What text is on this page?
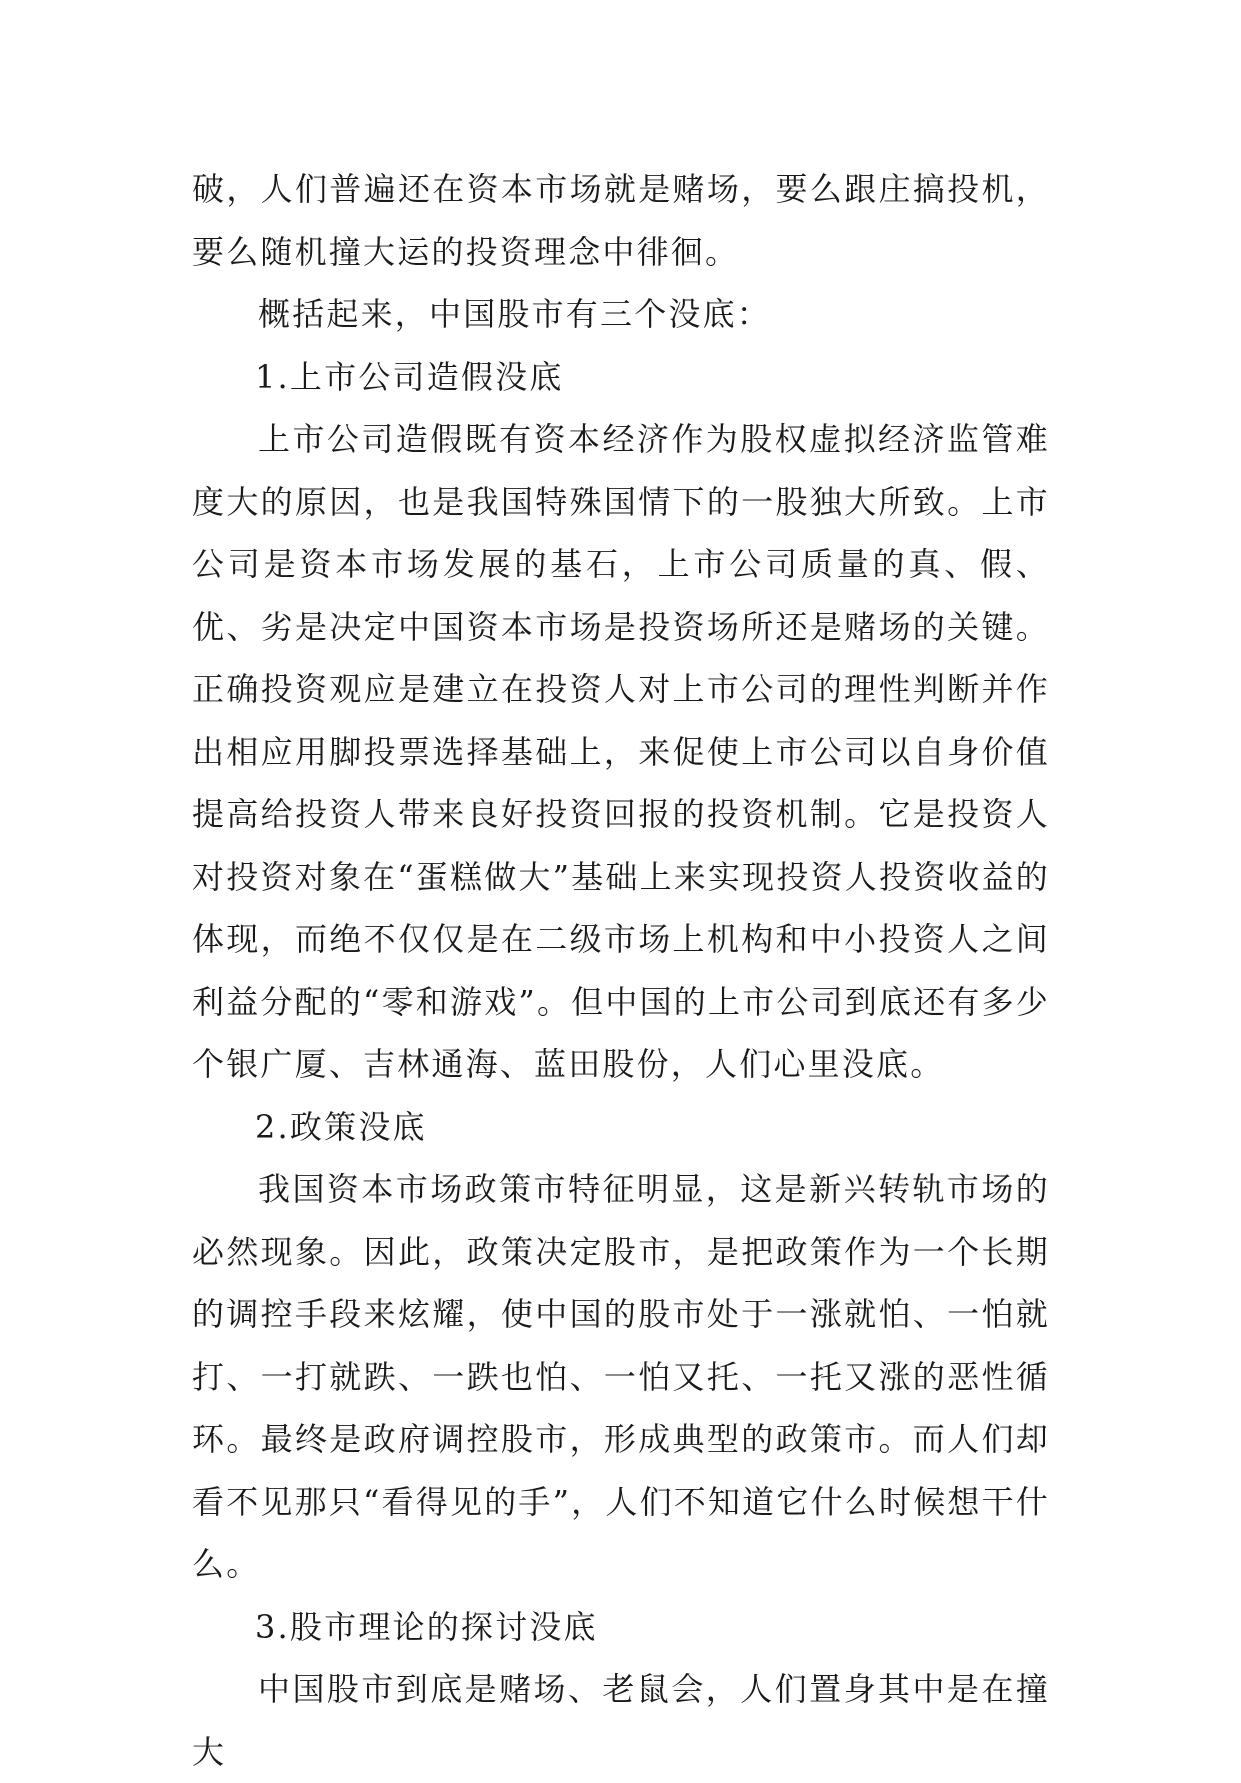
破，人们普遍还在资本市场就是赌场，要么跟庄搞投机，要么随机撞大运的投资理念中徘徊。

概括起来，中国股市有三个没底：

1.上市公司造假没底

上市公司造假既有资本经济作为股权虚拟经济监管难度大的原因，也是我国特殊国情下的一股独大所致。上市公司是资本市场发展的基石，上市公司质量的真、假、优、劣是决定中国资本市场是投资场所还是赌场的关键。正确投资观应是建立在投资人对上市公司的理性判断并作出相应用脚投票选择基础上，来促使上市公司以自身价值提高给投资人带来良好投资回报的投资机制。它是投资人对投资对象在“蛋糕做大”基础上来实现投资人投资收益的体现，而绝不仅仅是在二级市场上机构和中小投资人之间利益分配的“零和游戏”。但中国的上市公司到底还有多少个银广厦、吉林通海、蓝田股份，人们心里没底。

2.政策没底

我国资本市场政策市特征明显，这是新兴转轨市场的必然现象。因此，政策决定股市，是把政策作为一个长期的调控手段来炫耀，使中国的股市处于一涨就怕、一怕就打、一打就跌、一跌也怕、一怕又托、一托又涨的恶性循环。最终是政府调控股市，形成典型的政策市。而人们却看不见那只“看得见的手”，人们不知道它什么时候想干什么。

3.股市理论的探讨没底

中国股市到底是赌场、老鼠会，人们置身其中是在撞大
